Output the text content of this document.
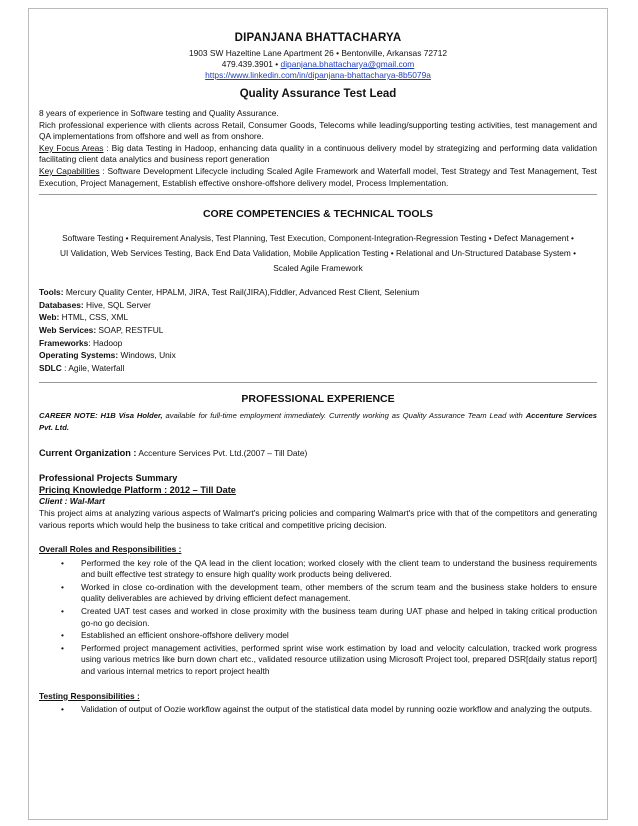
DIPANJANA BHATTACHARYA
1903 SW Hazeltine Lane Apartment 26 • Bentonville, Arkansas 72712
479.439.3901 • dipanjana.bhattacharya@gmail.com
https://www.linkedin.com/in/dipanjana-bhattacharya-8b5079a
Quality Assurance Test Lead
8 years of experience in Software testing and Quality Assurance.
Rich professional experience with clients across Retail, Consumer Goods, Telecoms while leading/supporting testing activities, test management and QA implementations from offshore and well as from onshore.
Key Focus Areas : Big data Testing in Hadoop, enhancing data quality in a continuous delivery model by strategizing and performing data validation facilitating client data analytics and business report generation
Key Capabilities : Software Development Lifecycle including Scaled Agile Framework and Waterfall model, Test Strategy and Test Management, Test Execution, Project Management, Establish effective onshore-offshore delivery model, Process Implementation.
CORE COMPETENCIES & TECHNICAL TOOLS
Software Testing • Requirement Analysis, Test Planning, Test Execution, Component-Integration-Regression Testing • Defect Management • UI Validation, Web Services Testing, Back End Data Validation, Mobile Application Testing • Relational and Un-Structured Database System • Scaled Agile Framework
Tools: Mercury Quality Center, HPALM, JIRA, Test Rail(JIRA),Fiddler, Advanced Rest Client, Selenium
Databases: Hive, SQL Server
Web: HTML, CSS, XML
Web Services: SOAP, RESTFUL
Frameworks: Hadoop
Operating Systems: Windows, Unix
SDLC : Agile, Waterfall
PROFESSIONAL EXPERIENCE
CAREER NOTE: H1B Visa Holder, available for full-time employment immediately. Currently working as Quality Assurance Team Lead with Accenture Services Pvt. Ltd.
Current Organization : Accenture Services Pvt. Ltd.(2007 – Till Date)
Professional Projects Summary
Pricing Knowledge Platform : 2012 – Till Date
Client : Wal-Mart
This project aims at analyzing various aspects of Walmart's pricing policies and comparing Walmart's price with that of the competitors and generating various reports which would help the business to take critical and competitive pricing decision.
Overall Roles and Responsibilities :
• Performed the key role of the QA lead in the client location; worked closely with the client team to understand the business requirements and built effective test strategy to ensure high quality work products being delivered.
• Worked in close co-ordination with the development team, other members of the scrum team and the business stake holders to ensure quality deliverables are achieved by driving efficient defect management.
• Created UAT test cases and worked in close proximity with the business team during UAT phase and helped in taking critical production go-no go decision.
• Established an efficient onshore-offshore delivery model
• Performed project management activities, performed sprint wise work estimation by load and velocity calculation, tracked work progress using various metrics like burn down chart etc., validated resource utilization using Microsoft Project tool, prepared DSR[daily status report] and various internal metrics to report project health
Testing Responsibilities :
• Validation of output of Oozie workflow against the output of the statistical data model by running oozie workflow and analyzing the outputs.
